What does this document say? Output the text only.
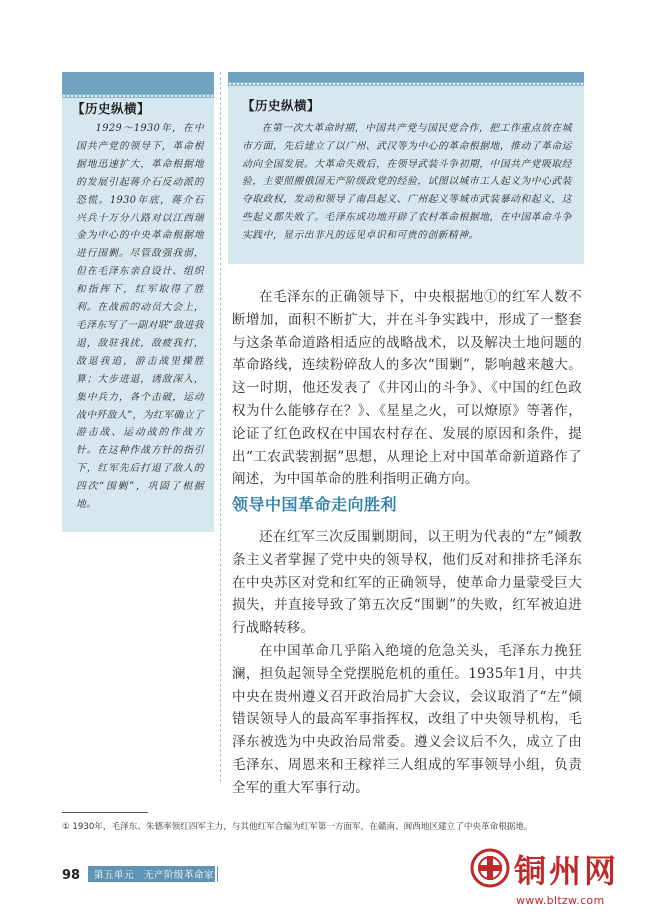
【历史纵横】
1929～1930年，在中国共产党的领导下，革命根据地迅速扩大，革命根据地的发展引起蒋介石反动派的恐慌。1930年底，蒋介石兴兵十万分八路对以江西瑞金为中心的中央革命根据地进行围剿。尽管敌强我弱，但在毛泽东亲自设计、组织和指挥下，红军取得了胜利。在战前的动员大会上，毛泽东写了一副对联“敌进我退，敌驻我扰，敌疲我打，敌退我追，游击战里操胜算；大步进退，诱敌深入，集中兵力，各个击破，运动战中歼敌人”，为红军确立了游击战、运动战的作战方针。在这种作战方针的指引下，红军先后打退了敌人的四次“围剿”，巩固了根据地。
【历史纵横】
在第一次大革命时期，中国共产党与国民党合作，把工作重点放在城市方面，先后建立了以广州、武汉等为中心的革命根据地，推动了革命运动向全国发展。大革命失败后，在领导武装斗争初期，中国共产党吸取经验，主要照搬俄国无产阶级政党的经验，试图以城市工人起义为中心武装夺取政权，发动和领导了南昌起义、广州起义等城市武装暴动和起义，这些起义都失败了。毛泽东成功地开辟了农村革命根据地，在中国革命斗争实践中，显示出非凡的远见卓识和可贵的创新精神。

在毛泽东的正确领导下，中央根据地①的红军人数不断增加，面积不断扩大，并在斗争实践中，形成了一整套与这条革命道路相适应的战略战术，以及解决土地问题的革命路线，连续粉碎敌人的多次“围剿”，影响越来越大。这一时期，他还发表了《井冈山的斗争》、《中国的红色政权为什么能够存在？》、《星星之火，可以燎原》等著作，论证了红色政权在中国农村存在、发展的原因和条件，提出“工农武装割据”思想，从理论上对中国革命新道路作了阐述，为中国革命的胜利指明正确方向。

领导中国革命走向胜利

还在红军三次反围剿期间，以王明为代表的“左”倾教条主义者掌握了党中央的领导权，他们反对和排挤毛泽东在中央苏区对党和红军的正确领导，使革命力量蒙受巨大损失，并直接导致了第五次反“围剿”的失败，红军被迫进行战略转移。

在中国革命几乎陷入绝境的危急关头，毛泽东力挽狂澜，担负起领导全党摆脱危机的重任。1935年1月，中共中央在贵州遵义召开政治局扩大会议，会议取消了“左”倾错误领导人的最高军事指挥权，改组了中央领导机构，毛泽东被选为中央政治局常委。遵义会议后不久，成立了由毛泽东、周恩来和王稼祥三人组成的军事领导小组，负责全军的重大军事行动。

① 1930年，毛泽东、朱德率领红四军主力，与其他红军合编为红军第一方面军，在赣南、闽西地区建立了中央革命根据地。
98 第五单元　无产阶级革命家	铜州网
www.bltzw.com
